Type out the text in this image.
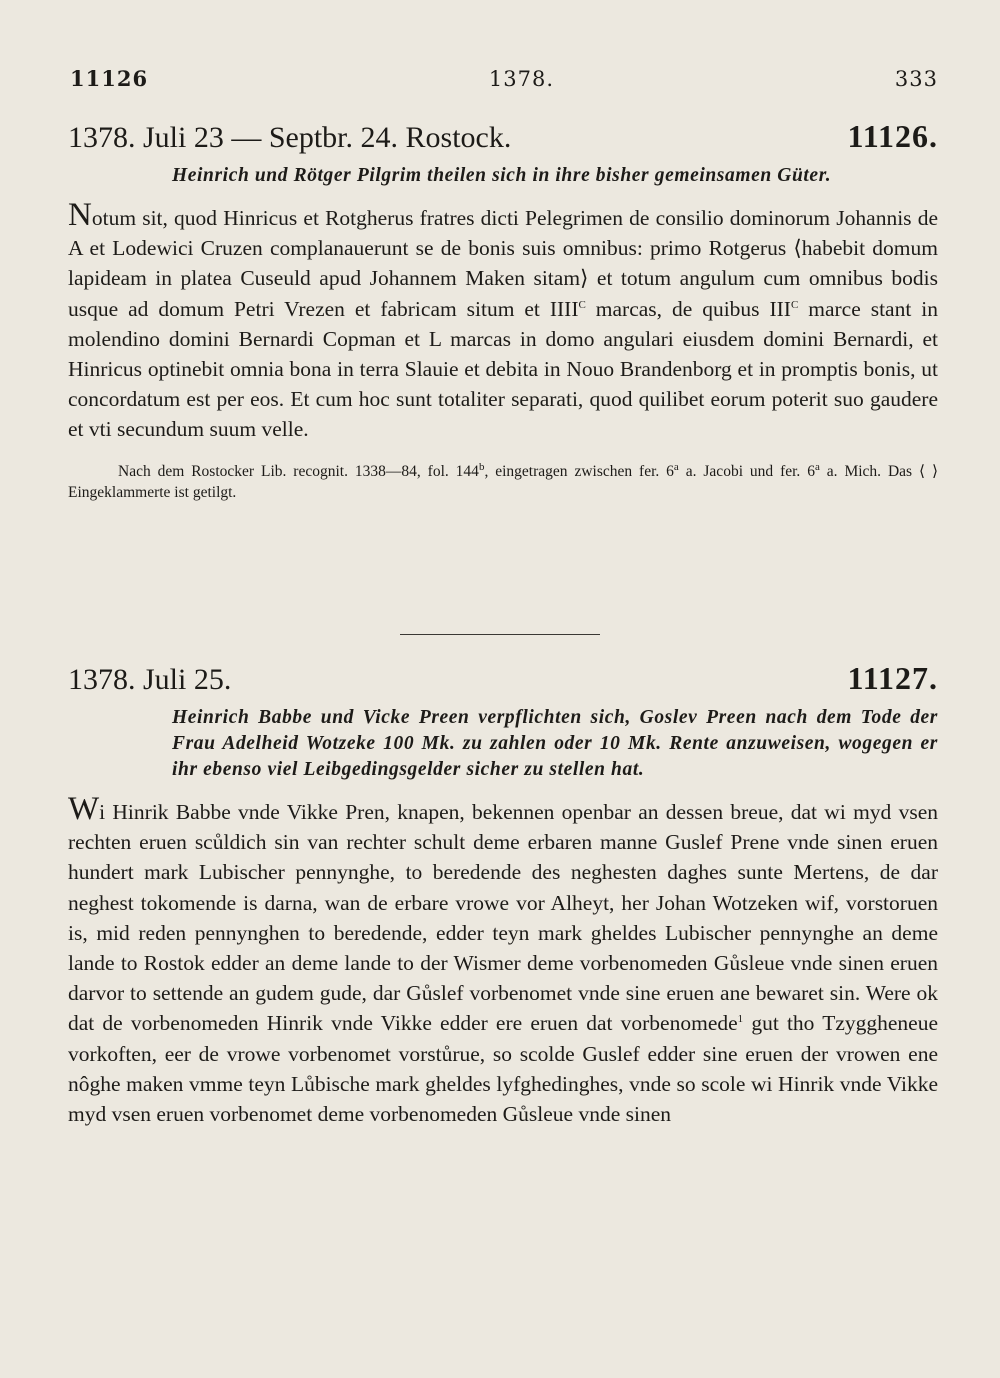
11126	1378.	333
1378. Juli 23 — Septbr. 24. Rostock.	11126.
Heinrich und Rötger Pilgrim theilen sich in ihre bisher gemeinsamen Güter.
Notum sit, quod Hinricus et Rotgherus fratres dicti Pelegrimen de consilio dominorum Johannis de A et Lodewici Cruzen complanauerunt se de bonis suis omnibus: primo Rotgerus ⟨habebit domum lapideam in platea Cuseuld apud Johannem Maken sitam⟩ et totum angulum cum omnibus bodis usque ad domum Petri Vrezen et fabricam situm et $IIII^C$ marcas, de quibus $III^C$ marce stant in molendino domini Bernardi Copman et L marcas in domo angulari eiusdem domini Bernardi, et Hinricus optinebit omnia bona in terra Slauie et debita in Nouo Brandenborg et in promptis bonis, ut concordatum est per eos. Et cum hoc sunt totaliter separati, quod quilibet eorum poterit suo gaudere et vti secundum suum velle.
Nach dem Rostocker Lib. recognit. 1338—84, fol. 144$^b$, eingetragen zwischen fer. 6$^a$ a. Jacobi und fer. 6$^a$ a. Mich. Das ⟨ ⟩ Eingeklammerte ist getilgt.
1378. Juli 25.	11127.
Heinrich Babbe und Vicke Preen verpflichten sich, Goslev Preen nach dem Tode der Frau Adelheid Wotzeke 100 Mk. zu zahlen oder 10 Mk. Rente anzuweisen, wogegen er ihr ebenso viel Leibgedingsgelder sicher zu stellen hat.
Wi Hinrik Babbe vnde Vikke Pren, knapen, bekennen openbar an dessen breue, dat wi myd vsen rechten eruen scůldich sin van rechter schult deme erbaren manne Guslef Prene vnde sinen eruen hundert mark Lubischer pennynghe, to beredende des neghesten daghes sunte Mertens, de dar neghest tokomende is darna, wan de erbare vrowe vor Alheyt, her Johan Wotzeken wif, vorstoruen is, mid reden pennynghen to beredende, edder teyn mark gheldes Lubischer pennynghe an deme lande to Rostok edder an deme lande to der Wismer deme vorbenomeden Gůsleue vnde sinen eruen darvor to settende an gudem gude, dar Gůslef vorbenomet vnde sine eruen ane bewaret sin. Were ok dat de vorbenomeden Hinrik vnde Vikke edder ere eruen dat vorbenomede$^1$ gut tho Tzyggheneue vorkoften, eer de vrowe vorbenomet vorstůrue, so scolde Guslef edder sine eruen der vrowen ene nôghe maken vmme teyn Lůbische mark gheldes lyfghedinghes, vnde so scole wi Hinrik vnde Vikke myd vsen eruen vorbenomet deme vorbenomeden Gůsleue vnde sinen
